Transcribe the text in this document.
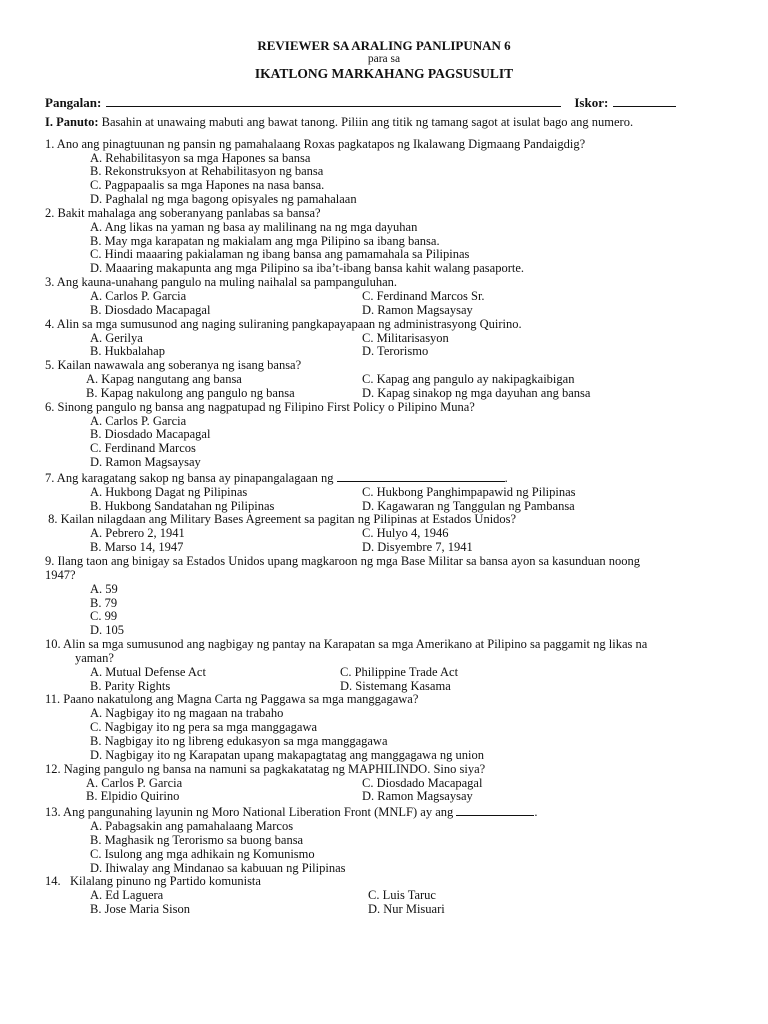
REVIEWER SA ARALING PANLIPUNAN 6
para sa
IKATLONG MARKAHANG PAGSUSULIT
Pangalan:	Iskor:
I. Panuto: Basahin at unawaing mabuti ang bawat tanong. Piliin ang titik ng tamang sagot at isulat bago ang numero.
1. Ano ang pinagtuunan ng pansin ng pamahalaang Roxas pagkatapos ng Ikalawang Digmaang Pandaigdig?
A. Rehabilitasyon sa mga Hapones sa bansa
B. Rekonstruksyon at Rehabilitasyon ng bansa
C. Pagpapaalis sa mga Hapones na nasa bansa.
D. Paghalal ng mga bagong opisyales ng pamahalaan
2. Bakit mahalaga ang soberanyang panlabas sa bansa?
A. Ang likas na yaman ng basa ay malilinang na ng mga dayuhan
B. May mga karapatan ng makialam ang mga Pilipino sa ibang bansa.
C. Hindi maaaring pakialaman ng ibang bansa ang pamamahala sa Pilipinas
D. Maaaring makapunta ang mga Pilipino sa iba’t-ibang bansa kahit walang pasaporte.
3. Ang kauna-unahang pangulo na muling naihalal sa pampanguluhan.
A. Carlos P. Garcia	C. Ferdinand Marcos Sr.
B. Diosdado Macapagal	D. Ramon Magsaysay
4. Alin sa mga sumusunod ang naging suliraning pangkapayapaan ng administrasyong Quirino.
A. Gerilya	C. Militarisasyon
B. Hukbalahap	D. Terorismo
5. Kailan nawawala ang soberanya ng isang bansa?
A. Kapag nangutang ang bansa	C. Kapag ang pangulo ay nakipagkaibigan
B. Kapag nakulong ang pangulo ng bansa	D. Kapag sinakop ng mga dayuhan ang bansa
6. Sinong pangulo ng bansa ang nagpatupad ng Filipino First Policy o Pilipino Muna?
A. Carlos P. Garcia
B. Diosdado Macapagal
C. Ferdinand Marcos
D. Ramon Magsaysay
7. Ang karagatang sakop ng bansa ay pinapangalagaan ng	.
A. Hukbong Dagat ng Pilipinas	C. Hukbong Panghimpapawid ng Pilipinas
B. Hukbong Sandatahan ng Pilipinas	D. Kagawaran ng Tanggulan ng Pambansa
8. Kailan nilagdaan ang Military Bases Agreement sa pagitan ng Pilipinas at Estados Unidos?
A. Pebrero 2, 1941	C. Hulyo 4, 1946
B. Marso 14, 1947	D. Disyembre 7, 1941
9. Ilang taon ang binigay sa Estados Unidos upang magkaroon ng mga Base Militar sa bansa ayon sa kasunduan noong
1947?
A. 59
B. 79
C. 99
D. 105
10. Alin sa mga sumusunod ang nagbigay ng pantay na Karapatan sa mga Amerikano at Pilipino sa paggamit ng likas na
yaman?
A. Mutual Defense Act	C. Philippine Trade Act
B. Parity Rights	D. Sistemang Kasama
11. Paano nakatulong ang Magna Carta ng Paggawa sa mga manggagawa?
A. Nagbigay ito ng magaan na trabaho
C. Nagbigay ito ng pera sa mga manggagawa
B. Nagbigay ito ng libreng edukasyon sa mga manggagawa
D. Nagbigay ito ng Karapatan upang makapagtatag ang manggagawa ng union
12. Naging pangulo ng bansa na namuni sa pagkakatatag ng MAPHILINDO. Sino siya?
A. Carlos P. Garcia	C. Diosdado Macapagal
B. Elpidio Quirino	D. Ramon Magsaysay
13. Ang pangunahing layunin ng Moro National Liberation Front (MNLF) ay ang	.
A. Pabagsakin ang pamahalaang Marcos
B. Maghasik ng Terorismo sa buong bansa
C. Isulong ang mga adhikain ng Komunismo
D. Ihiwalay ang Mindanao sa kabuuan ng Pilipinas
14.   Kilalang pinuno ng Partido komunista
A. Ed Laguera	C. Luis Taruc
B. Jose Maria Sison	D. Nur Misuari
